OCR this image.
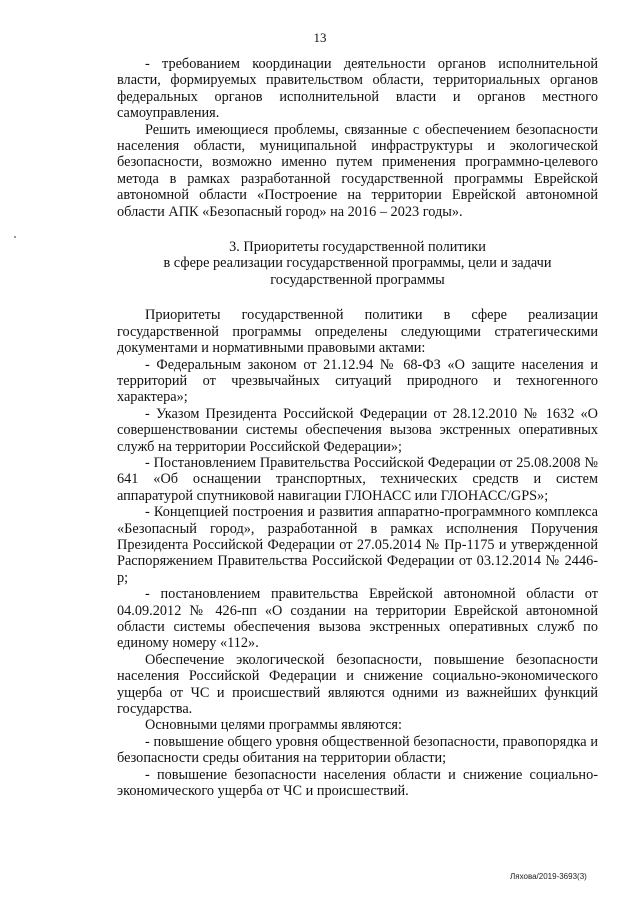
13

- требованием координации деятельности органов исполнительной власти, формируемых правительством области, территориальных органов федеральных органов исполнительной власти и органов местного самоуправления.

Решить имеющиеся проблемы, связанные с обеспечением безопасности населения области, муниципальной инфраструктуры и экологической безопасности, возможно именно путем применения программно-целевого метода в рамках разработанной государственной программы Еврейской автономной области «Построение на территории Еврейской автономной области АПК «Безопасный город» на 2016 – 2023 годы».

3. Приоритеты государственной политики
в сфере реализации государственной программы, цели и задачи
государственной программы

Приоритеты государственной политики в сфере реализации государственной программы определены следующими стратегическими документами и нормативными правовыми актами:

- Федеральным законом от 21.12.94 № 68-ФЗ «О защите населения и территорий от чрезвычайных ситуаций природного и техногенного характера»;

- Указом Президента Российской Федерации от 28.12.2010 № 1632 «О совершенствовании системы обеспечения вызова экстренных оперативных служб на территории Российской Федерации»;

- Постановлением Правительства Российской Федерации от 25.08.2008 № 641 «Об оснащении транспортных, технических средств и систем аппаратурой спутниковой навигации ГЛОНАСС или ГЛОНАСС/GPS»;

- Концепцией построения и развития аппаратно-программного комплекса «Безопасный город», разработанной в рамках исполнения Поручения Президента Российской Федерации от 27.05.2014 № Пр-1175 и утвержденной Распоряжением Правительства Российской Федерации от 03.12.2014 № 2446-р;

- постановлением правительства Еврейской автономной области от 04.09.2012 № 426-пп «О создании на территории Еврейской автономной области системы обеспечения вызова экстренных оперативных служб по единому номеру «112».

Обеспечение экологической безопасности, повышение безопасности населения Российской Федерации и снижение социально-экономического ущерба от ЧС и происшествий являются одними из важнейших функций государства.

Основными целями программы являются:

- повышение общего уровня общественной безопасности, правопорядка и безопасности среды обитания на территории области;

- повышение безопасности населения области и снижение социально-экономического ущерба от ЧС и происшествий.

Ляхова/2019-3693(3)
